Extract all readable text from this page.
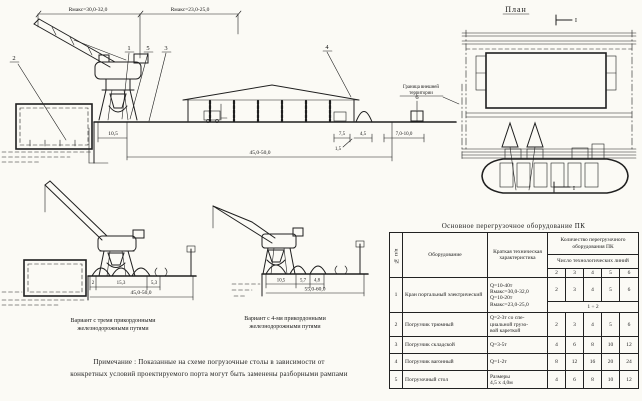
Rмакс=30,0-32,0	Rмакс=23,0-25,0
2
1 5 3	4
6
10,5
45,0-50,0
7,5	4,5
1,5
7,0-10,0
Граница внешней
территории
План
I
I
2	15,3	5,3
45,0-50,0
Вариант с тремя прикордонными
железнодорожными путями
10,5	5,7 4,8
55,0-60,0
Вариант с 4-мя прикордонными
железнодорожными путями
Основное перегрузочное оборудование ПК
№ п/п	Оборудование	Краткая техническая характеристика	Количество перегрузочного оборудования ПК				
			Число технологических линий				
			2	3	4	5	6
1	Кран портальный электрический	Q=10-40т
Rмакс=30,0-32,0
Q=10-20т
Rмакс=23,0-25,0	2	3	4	5	6
			1 ÷ 2				
2	Погрузчик трюмный	Q=2-3т со спе-
циальной грузо-
вой кареткой	2	3	4	5	6
3	Погрузчик складской	Q=3-5т	4	6	8	10	12
4	Погрузчик вагонный	Q=1-2т	8	12	16	20	24
5	Погрузочный стол	Размеры
4,5 х 4,0м	4	6	8	10	12
Примечание : Показанные на схеме погрузочные столы в зависимости от
конкретных условий проектируемого порта могут быть заменены разборными рампами
